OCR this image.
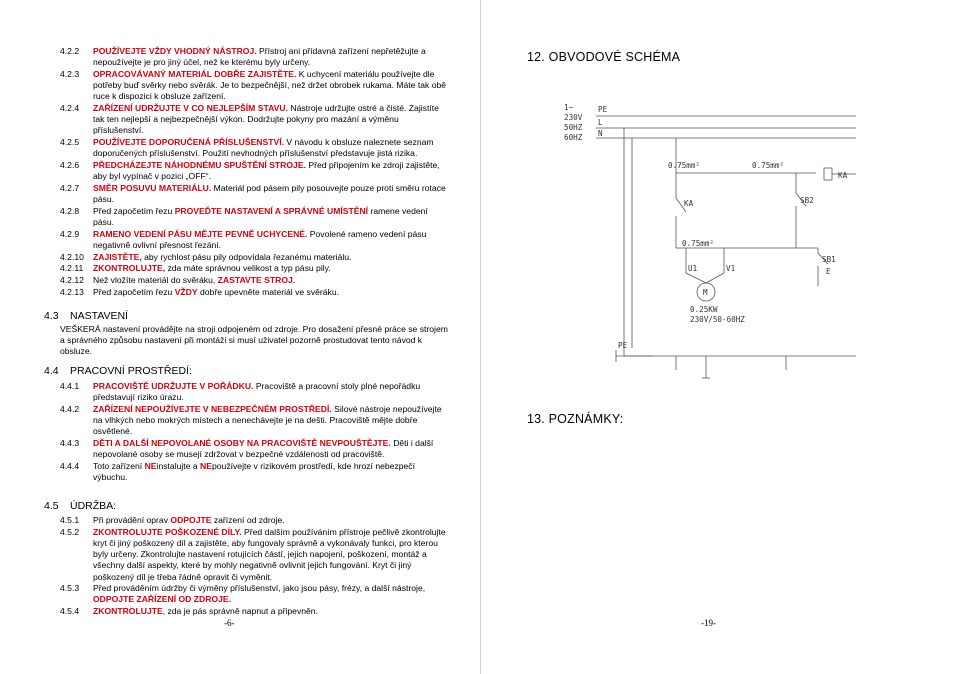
4.2.2	POUŽÍVEJTE VŽDY VHODNÝ NÁSTROJ. Přístroj ani přídavná zařízení nepřetěžujte a nepoužívejte je pro jiný účel, než ke kterému byly určeny.
4.2.3	OPRACOVÁVANÝ MATERIÁL DOBŘE ZAJISTĚTE. K uchycení materiálu používejte dle potřeby buď svěrky nebo svěrák. Je to bezpečnější, než držet obrobek rukama. Máte tak obě ruce k dispozici k obsluze zařízení.
4.2.4	ZAŘÍZENÍ UDRŽUJTE V CO NEJLEPŠÍM STAVU. Nástroje udržujte ostré a čisté. Zajistíte tak ten nejlepší a nejbezpečnější výkon. Dodržujte pokyny pro mazání a výměnu příslušenství.
4.2.5	POUŽÍVEJTE DOPORUČENÁ PŘÍSLUŠENSTVÍ. V návodu k obsluze naleznete seznam doporučených příslušenství. Použití nevhodných příslušenství představuje jistá rizika.
4.2.6	PŘEDCHÁZEJTE NÁHODNÉMU SPUŠTĚNÍ STROJE. Před připojením ke zdroji zajistěte, aby byl vypínač v pozici „OFF“.
4.2.7	SMĚR POSUVU MATERIÁLU. Materiál pod pásem pily posouvejte pouze proti směru rotace pásu.
4.2.8	Před započetím řezu PROVEĎTE NASTAVENÍ A SPRÁVNÉ UMÍSTĚNÍ ramene vedení pásu.
4.2.9	RAMENO VEDENÍ PÁSU MĚJTE PEVNĚ UCHYCENÉ. Povolené rameno vedení pásu negativně ovlivní přesnost řezání.
4.2.10	ZAJISTĚTE, aby rychlost pásu pily odpovídala řezanému materiálu.
4.2.11	ZKONTROLUJTE, zda máte správnou velikost a typ pásu pily.
4.2.12	Než vložíte materiál do svěráku, ZASTAVTE STROJ.
4.2.13	Před započetím řezu VŽDY dobře upevněte materiál ve svěráku.
4.3	NASTAVENÍ
VEŠKERÁ nastavení provádějte na stroji odpojeném od zdroje. Pro dosažení přesné práce se strojem a správného způsobu nastavení při montáži si musí uživatel pozorně prostudovat tento návod k obsluze.
4.4	PRACOVNÍ PROSTŘEDÍ:
4.4.1	PRACOVIŠTĚ UDRŽUJTE V POŘÁDKU. Pracoviště a pracovní stoly plné nepořádku představují riziko úrazu.
4.4.2	ZAŘÍZENÍ NEPOUŽÍVEJTE V NEBEZPEČNÉM PROSTŘEDÍ. Silové nástroje nepoužívejte na vlhkých nebo mokrých místech a nenechávejte je na dešti. Pracoviště mějte dobře osvětlené.
4.4.3	DĚTI A DALŠÍ NEPOVOLANÉ OSOBY NA PRACOVIŠTĚ NEVPOUŠTĚJTE. Děti i další nepovolané osoby se musejí zdržovat v bezpečné vzdálenosti od pracoviště.
4.4.4	Toto zařízení NEinstalujte a NEpoužívejte v rizikovém prostředí, kde hrozí nebezpečí výbuchu.
4.5	ÚDRŽBA:
4.5.1	Při provádění oprav ODPOJTE zařízení od zdroje.
4.5.2	ZKONTROLUJTE POŠKOZENÉ DÍLY. Před dalším používáním přístroje pečlivě zkontrolujte kryt či jiný poškozený díl a zajistěte, aby fungovaly správně a vykonávaly funkci, pro kterou byly určeny. Zkontrolujte nastavení rotujících částí, jejich napojení, poškození, montáž a všechny další aspekty, které by mohly negativně ovlivnit jejich fungování. Kryt či jiný poškozený díl je třeba řádně opravit či vyměnit.
4.5.3	Před prováděním údržby či výměny příslušenství, jako jsou pásy, frézy, a další nástroje, ODPOJTE ZAŘÍZENÍ OD ZDROJE.
4.5.4	ZKONTROLUJTE, zda je pás správně napnut a připevněn.
-6-
12. OBVODOVÉ SCHÉMA
13. POZNÁMKY:
-19-
1~
230V
50HZ
60HZ
PE
L
N
0.75mm²	0.75mm²
0.75mm²
SB2
KA
KA
SB1
E
U1	V1
M
0.25KW
230V/50-60HZ
PE
